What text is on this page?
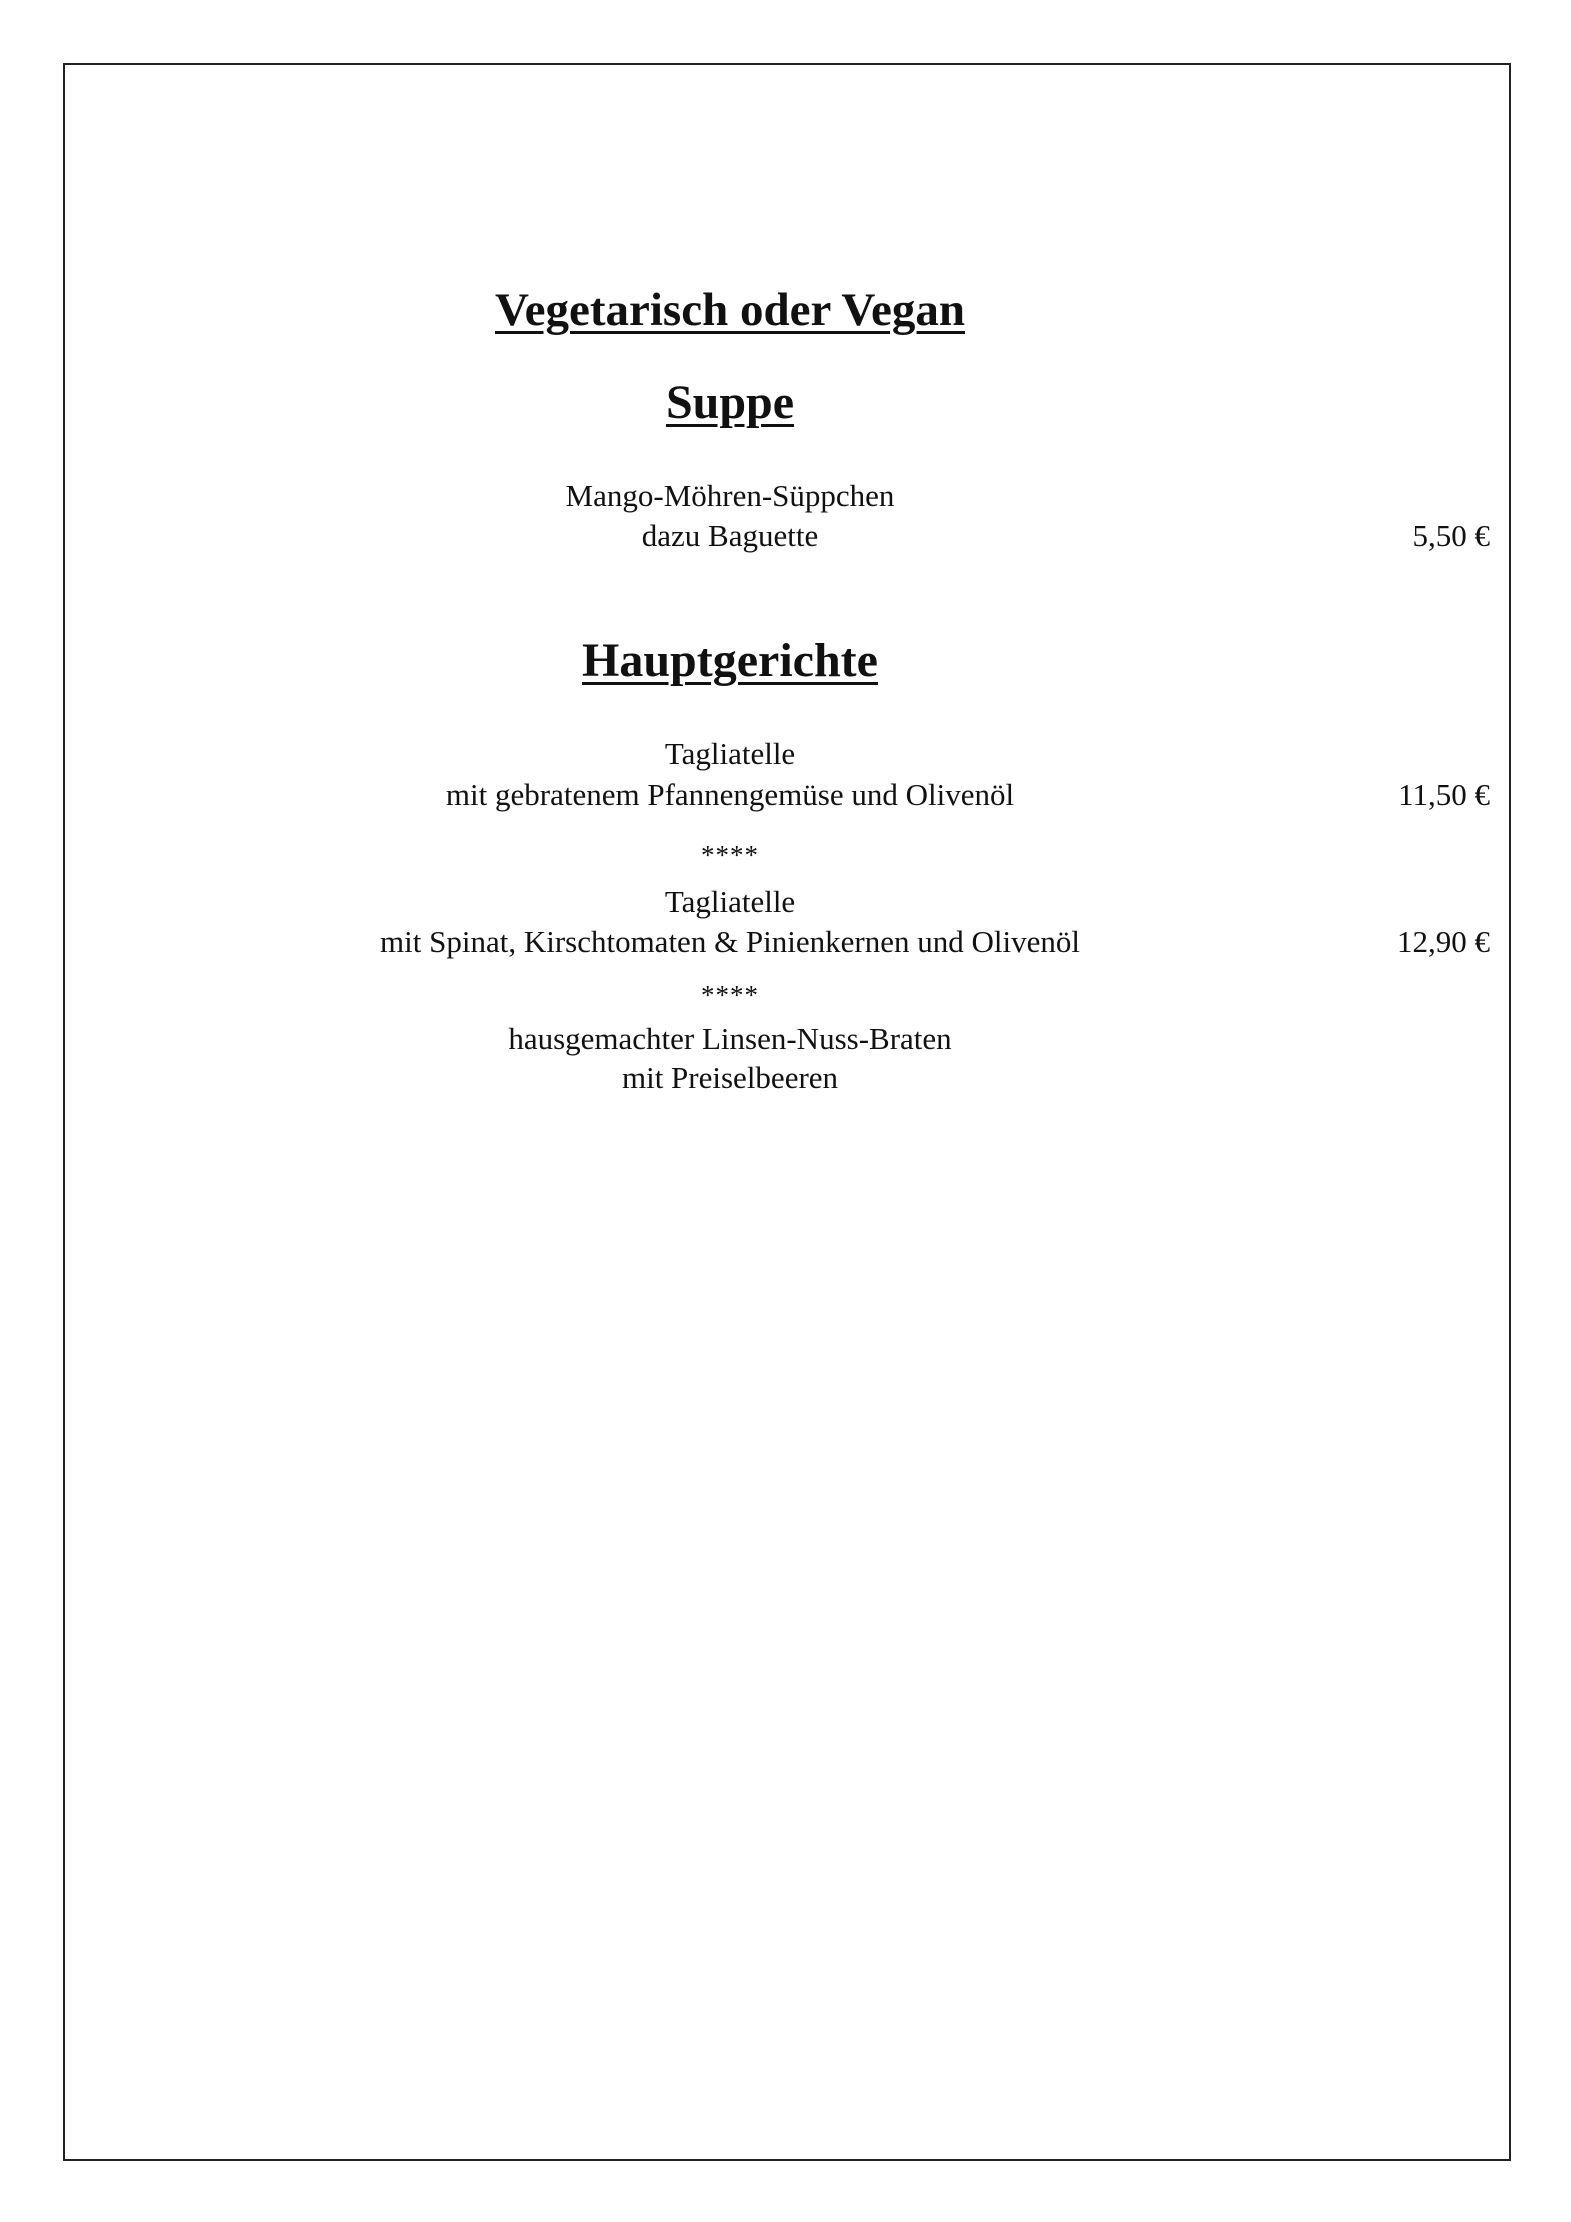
Vegetarisch oder Vegan
Suppe
Mango-Möhren-Süppchen
dazu Baguette	5,50 €
Hauptgerichte
Tagliatelle
mit gebratenem Pfannengemüse und Olivenöl	11,50 €
****
Tagliatelle
mit Spinat, Kirschtomaten & Pinienkernen und Olivenöl	12,90 €
****
hausgemachter Linsen-Nuss-Braten
mit Preiselbeeren
